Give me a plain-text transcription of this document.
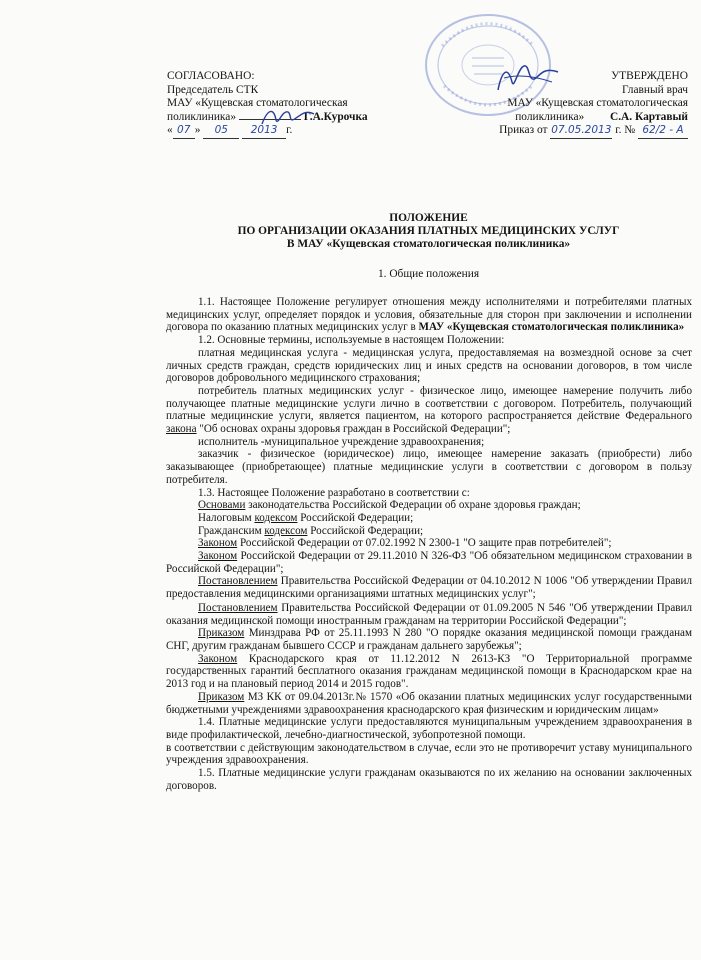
СОГЛАСОВАНО:
Председатель СТК
МАУ «Кущевская стоматологическая
поликлиника»	Г.А.Курочка
« 07 » 05 2013 г.
УТВЕРЖДЕНО
Главный врач
МАУ «Кущевская стоматологическая
поликлиника» С.А. Картавый
Приказ от 07.05.2013 г. № 62/2 - А
ПОЛОЖЕНИЕ
ПО ОРГАНИЗАЦИИ ОКАЗАНИЯ ПЛАТНЫХ МЕДИЦИНСКИХ УСЛУГ
В МАУ «Кущевская стоматологическая поликлиника»
1. Общие положения

1.1. Настоящее Положение регулирует отношения между исполнителями и потребителями платных медицинских услуг, определяет порядок и условия, обязательные для сторон при заключении и исполнении договора по оказанию платных медицинских услуг в МАУ «Кущевская стоматологическая поликлиника»

1.2. Основные термины, используемые в настоящем Положении:

платная медицинская услуга - медицинская услуга, предоставляемая на возмездной основе за счет личных средств граждан, средств юридических лиц и иных средств на основании договоров, в том числе договоров добровольного медицинского страхования;

потребитель платных медицинских услуг - физическое лицо, имеющее намерение получить либо получающее платные медицинские услуги лично в соответствии с договором. Потребитель, получающий платные медицинские услуги, является пациентом, на которого распространяется действие Федерального закона "Об основах охраны здоровья граждан в Российской Федерации";

исполнитель -муниципальное учреждение здравоохранения;

заказчик - физическое (юридическое) лицо, имеющее намерение заказать (приобрести) либо заказывающее (приобретающее) платные медицинские услуги в соответствии с договором в пользу потребителя.

1.3. Настоящее Положение разработано в соответствии с:

Основами законодательства Российской Федерации об охране здоровья граждан;

Налоговым кодексом Российской Федерации;

Гражданским кодексом Российской Федерации;

Законом Российской Федерации от 07.02.1992 N 2300-1 "О защите прав потребителей";

Законом Российской Федерации от 29.11.2010 N 326-ФЗ "Об обязательном медицинском страховании в Российской Федерации";

Постановлением Правительства Российской Федерации от 04.10.2012 N 1006 "Об утверждении Правил предоставления медицинскими организациями штатных медицинских услуг";

Постановлением Правительства Российской Федерации от 01.09.2005 N 546 "Об утверждении Правил оказания медицинской помощи иностранным гражданам на территории Российской Федерации";

Приказом Минздрава РФ от 25.11.1993 N 280 "О порядке оказания медицинской помощи гражданам СНГ, другим гражданам бывшего СССР и гражданам дальнего зарубежья";

Законом Краснодарского края от 11.12.2012 N 2613-КЗ "О Территориальной программе государственных гарантий бесплатного оказания гражданам медицинской помощи в Краснодарском крае на 2013 год и на плановый период 2014 и 2015 годов".

Приказом МЗ КК от 09.04.2013г.№ 1570 «Об оказании платных медицинских услуг государственными бюджетными учреждениями здравоохранения краснодарского края физическим и юридическим лицам»

1.4. Платные медицинские услуги предоставляются муниципальным учреждением здравоохранения в виде профилактической, лечебно-диагностической, зубопротезной помощи.

в соответствии с действующим законодательством в случае, если это не противоречит уставу муниципального учреждения здравоохранения.

1.5. Платные медицинские услуги гражданам оказываются по их желанию на основании заключенных договоров.
